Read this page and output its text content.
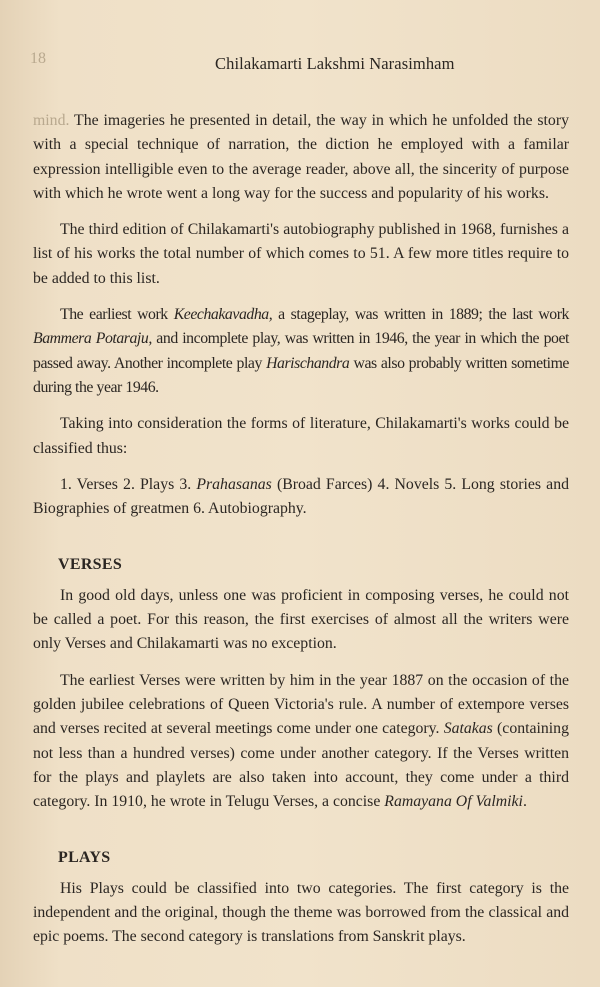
18	Chilakamarti Lakshmi Narasimham

mind. The imageries he presented in detail, the way in which he unfolded the story with a special technique of narration, the diction he employed with a familar expression intelligible even to the average reader, above all, the sincerity of purpose with which he wrote went a long way for the success and popularity of his works.

The third edition of Chilakamarti's autobiography published in 1968, furnishes a list of his works the total number of which comes to 51. A few more titles require to be added to this list.

The earliest work Keechakavadha, a stageplay, was written in 1889; the last work Bammera Potaraju, and incomplete play, was written in 1946, the year in which the poet passed away. Another incomplete play Harischandra was also probably written sometime during the year 1946.

Taking into consideration the forms of literature, Chilakamarti's works could be classified thus:

1. Verses 2. Plays 3. Prahasanas (Broad Farces) 4. Novels 5. Long stories and Biographies of greatmen 6. Autobiography.

VERSES

In good old days, unless one was proficient in composing verses, he could not be called a poet. For this reason, the first exercises of almost all the writers were only Verses and Chilakamarti was no exception.

The earliest Verses were written by him in the year 1887 on the occasion of the golden jubilee celebrations of Queen Victoria's rule. A number of extempore verses and verses recited at several meetings come under one category. Satakas (containing not less than a hundred verses) come under another category. If the Verses written for the plays and playlets are also taken into account, they come under a third category. In 1910, he wrote in Telugu Verses, a concise Ramayana Of Valmiki.

PLAYS

His Plays could be classified into two categories. The first category is the independent and the original, though the theme was borrowed from the classical and epic poems. The second category is translations from Sanskrit plays.
